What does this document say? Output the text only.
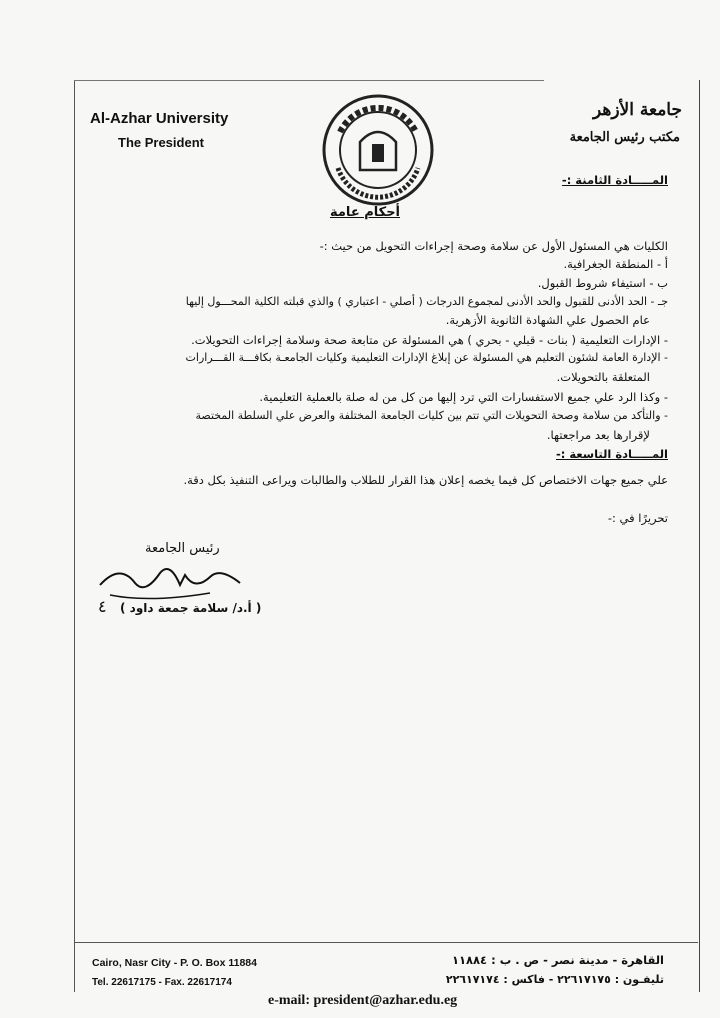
Al-Azhar University
The President
جامعة الأزهر
مكتب رئيس الجامعة
المـــــادة الثامنة :-
أحكام عامة
الكليات هي المسئول الأول عن سلامة وصحة إجراءات التحويل من حيث :-
أ - المنطقة الجغرافية.
ب - استيفاء شروط القبول.
جـ - الحد الأدنى للقبول والحد الأدنى لمجموع الدرجات ( أصلي - اعتباري ) والذي قبلته الكلية المحـــول إليها
عام الحصول علي الشهادة الثانوية الأزهرية.
- الإدارات التعليمية ( بنات - قبلي - بحري ) هي المسئولة عن متابعة صحة وسلامة إجراءات التحويلات.
- الإدارة العامة لشئون التعليم هي المسئولة عن إبلاغ الإدارات التعليمية وكليات الجامعـة بكافـــة القـــرارات
المتعلقة بالتحويلات.
- وكذا الرد علي جميع الاستفسارات التي ترد إليها من كل من له صلة بالعملية التعليمية.
- والتأكد من سلامة وصحة التحويلات التي تتم بين كليات الجامعة المختلفة والعرض علي السلطة المختصة
لإقرارها بعد مراجعتها.
المـــــادة التاسعة :-
علي جميع جهات الاختصاص كل فيما يخصه إعلان هذا القرار للطلاب والطالبات ويراعى التنفيذ بكل دقة.
تحريرًا في :-
رئيس الجامعة
٤ ( أ.د/ سلامة جمعة داود )
Cairo, Nasr City - P. O. Box 11884
Tel. 22617175 - Fax. 22617174
القاهرة - مدينة نصر - ص . ب : ١١٨٨٤
تليفـون : ٢٢٦١٧١٧٥ - فاكس : ٢٢٦١٧١٧٤
e-mail: president@azhar.edu.eg
